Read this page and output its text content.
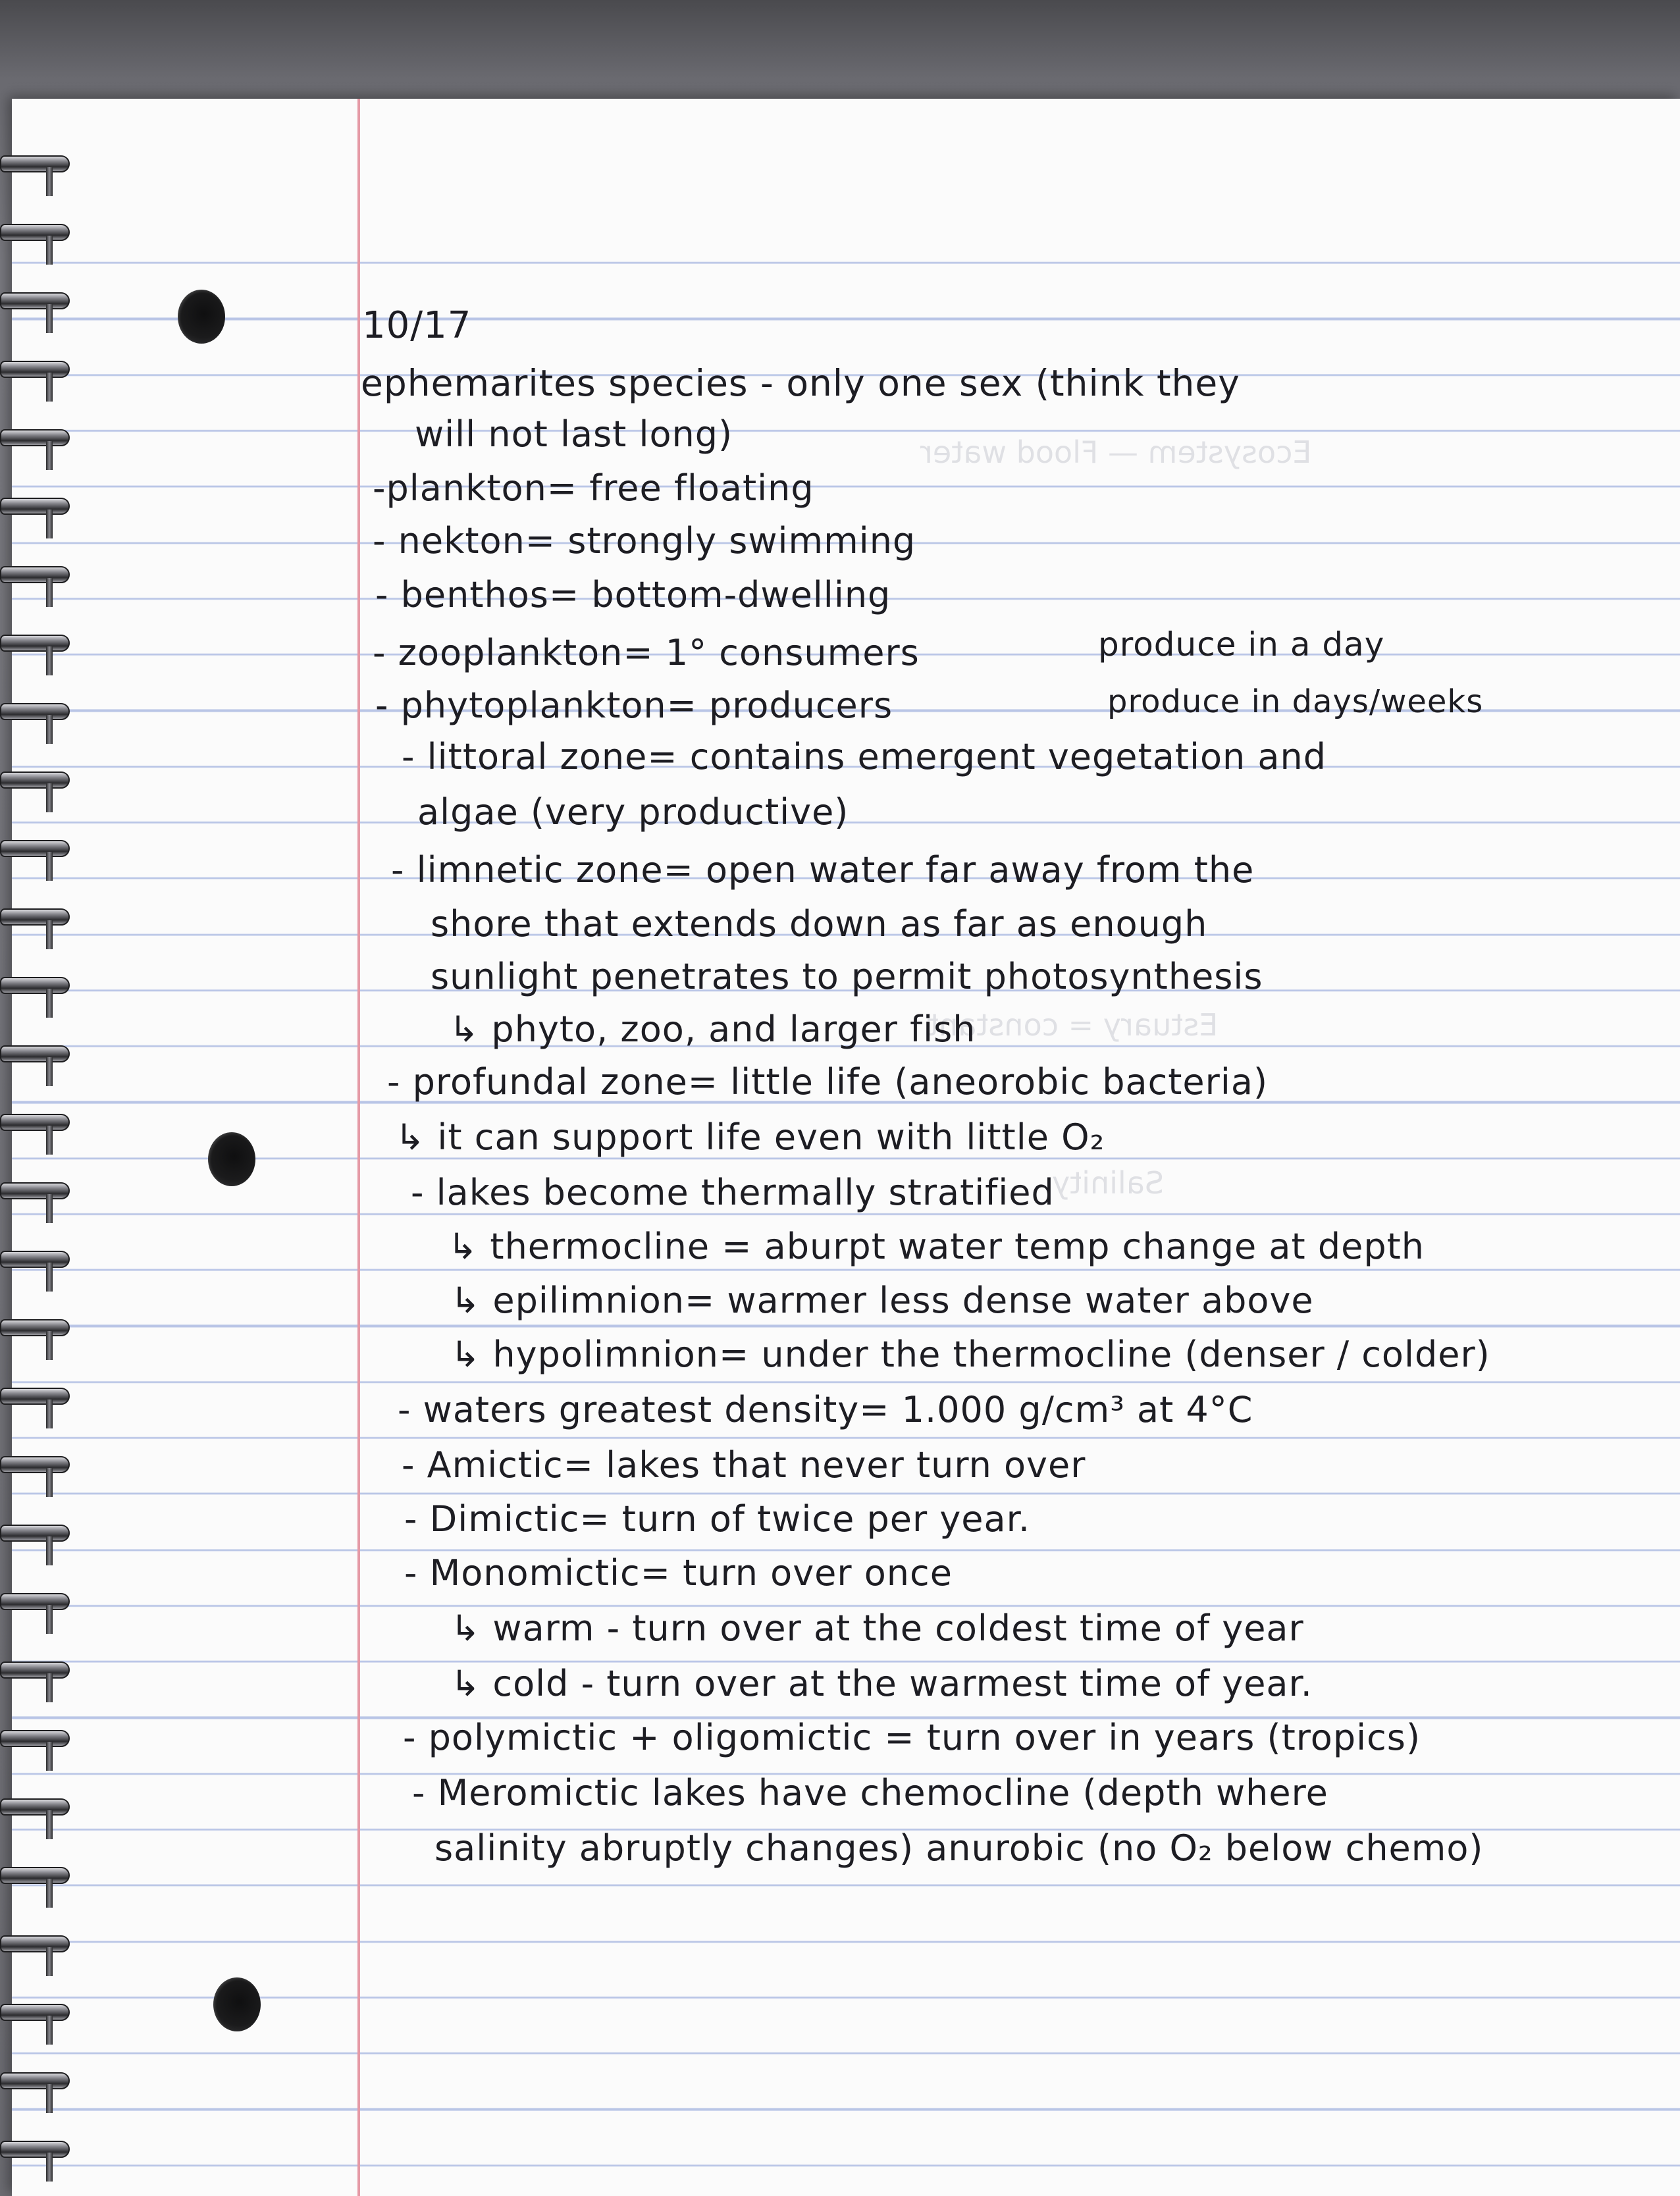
Ecosystem — Flood water
Estuary = constant
Salinity
10/17
ephemarites species - only one sex (think they
will not last long)
-plankton= free floating
- nekton= strongly swimming
- benthos= bottom-dwelling
- zooplankton= 1° consumers	produce in a day
- phytoplankton= producers	produce in days/weeks
- littoral zone= contains emergent vegetation and
algae (very productive)
- limnetic zone= open water far away from the
shore that extends down as far as enough
sunlight penetrates to permit photosynthesis
↳ phyto, zoo, and larger fish
- profundal zone= little life (aneorobic bacteria)
↳ it can support life even with little O₂
- lakes become thermally stratified
↳ thermocline = aburpt water temp change at depth
↳ epilimnion= warmer less dense water above
↳ hypolimnion= under the thermocline (denser / colder)
- waters greatest density= 1.000 g/cm³ at 4°C
- Amictic= lakes that never turn over
- Dimictic= turn of twice per year.
- Monomictic= turn over once
↳ warm - turn over at the coldest time of year
↳ cold - turn over at the warmest time of year.
- polymictic + oligomictic = turn over in years (tropics)
- Meromictic lakes have chemocline (depth where
salinity abruptly changes) anurobic (no O₂ below chemo)
